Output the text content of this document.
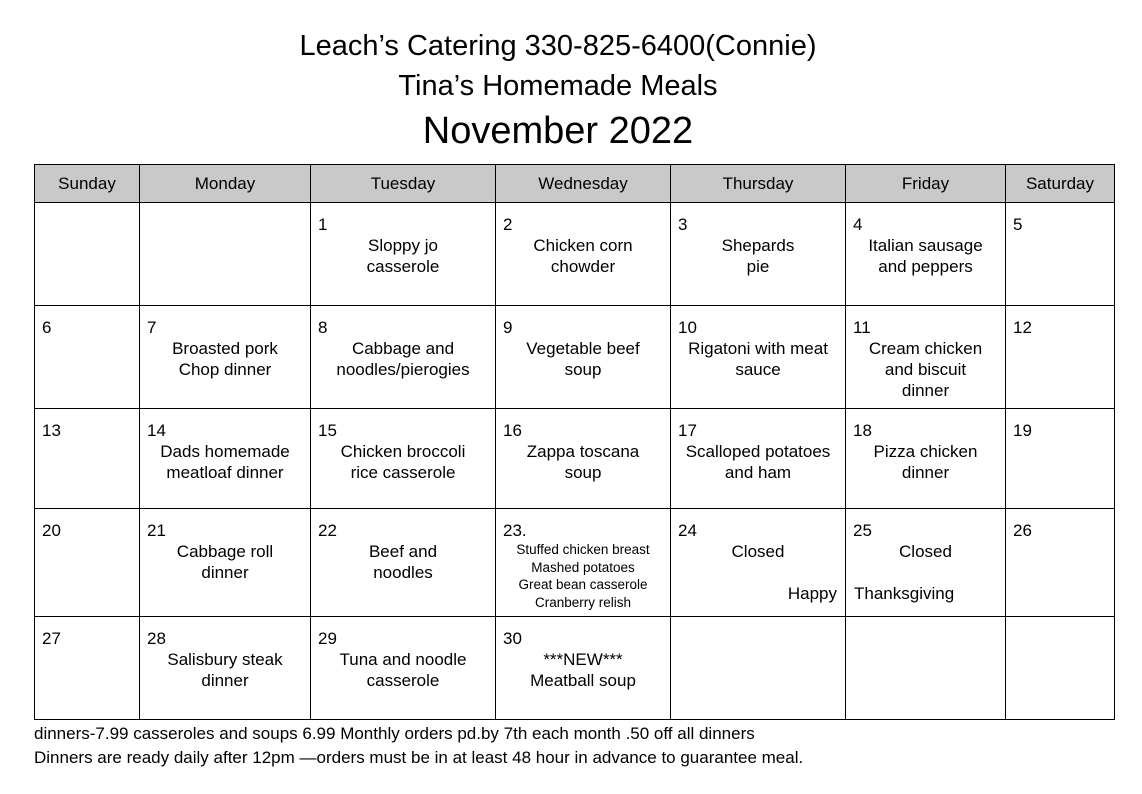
Leach’s Catering 330-825-6400(Connie)
Tina’s Homemade Meals
November 2022
Sunday	Monday	Tuesday	Wednesday	Thursday	Friday	Saturday

		1
Sloppy jo
casserole	2
Chicken corn
chowder	3
Shepards
pie	4
Italian sausage
and peppers	5

6	7
Broasted pork
Chop dinner	8
Cabbage and
noodles/pierogies	9
Vegetable beef
soup	10
Rigatoni with meat
sauce	11
Cream chicken
and biscuit
dinner	12

13	14
Dads homemade
meatloaf dinner	15
Chicken broccoli
rice casserole	16
Zappa toscana
soup	17
Scalloped potatoes
and ham	18
Pizza chicken
dinner	19

20	21
Cabbage roll
dinner	22
Beef and
noodles	23.
Stuffed chicken breast
Mashed potatoes
Great bean casserole
Cranberry relish	24
Closed
Happy	25
Closed
Thanksgiving	26

27	28
Salisbury steak
dinner	29
Tuna and noodle
casserole	30
***NEW***
Meatball soup			

dinners-7.99 casseroles and soups 6.99 Monthly orders pd.by 7th each month .50 off all dinners
Dinners are ready daily after 12pm —orders must be in at least 48 hour in advance to guarantee meal.
